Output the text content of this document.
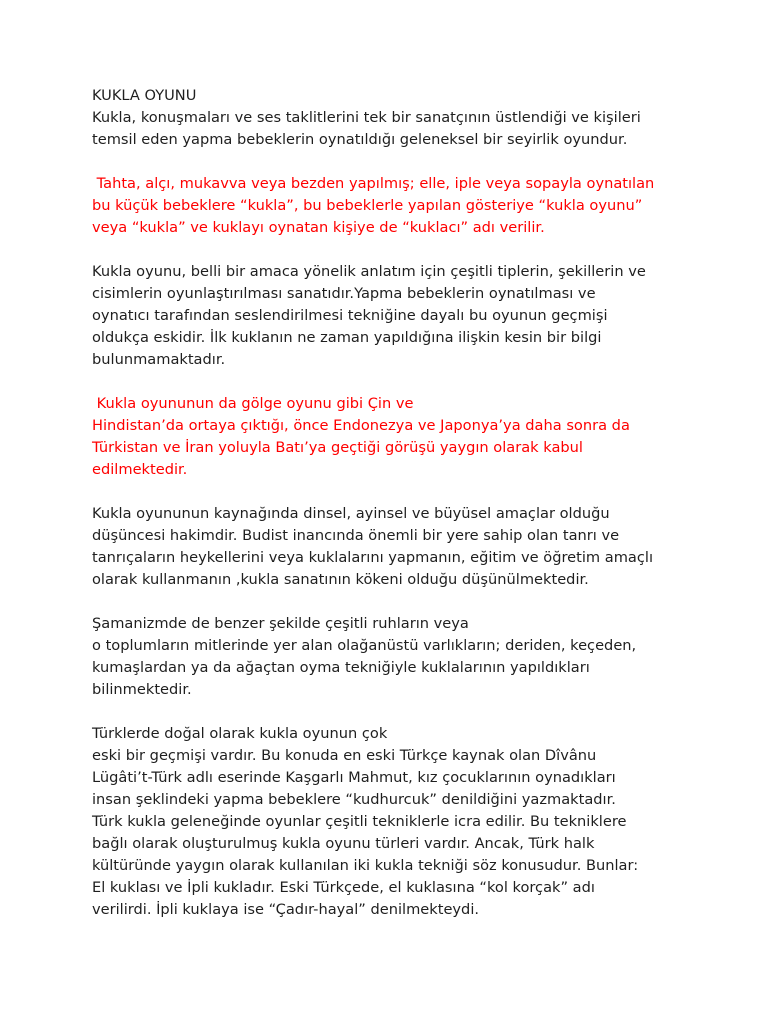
KUKLA OYUNU
Kukla, konuşmaları ve ses taklitlerini tek bir sanatçının üstlendiği ve kişileri
temsil eden yapma bebeklerin oynatıldığı geleneksel bir seyirlik oyundur.
Tahta, alçı, mukavva veya bezden yapılmış; elle, iple veya sopayla oynatılan
bu küçük bebeklere “kukla”, bu bebeklerle yapılan gösteriye “kukla oyunu”
veya “kukla” ve kuklayı oynatan kişiye de “kuklacı” adı verilir.
Kukla oyunu, belli bir amaca yönelik anlatım için çeşitli tiplerin, şekillerin ve
cisimlerin oyunlaştırılması sanatıdır.Yapma bebeklerin oynatılması ve
oynatıcı tarafından seslendirilmesi tekniğine dayalı bu oyunun geçmişi
oldukça eskidir. İlk kuklanın ne zaman yapıldığına ilişkin kesin bir bilgi
bulunmamaktadır.
Kukla oyununun da gölge oyunu gibi Çin ve
Hindistan’da ortaya çıktığı, önce Endonezya ve Japonya’ya daha sonra da
Türkistan ve İran yoluyla Batı’ya geçtiği görüşü yaygın olarak kabul
edilmektedir.
Kukla oyununun kaynağında dinsel, ayinsel ve büyüsel amaçlar olduğu
düşüncesi hakimdir. Budist inancında önemli bir yere sahip olan tanrı ve
tanrıçaların heykellerini veya kuklalarını yapmanın, eğitim ve öğretim amaçlı
olarak kullanmanın ,kukla sanatının kökeni olduğu düşünülmektedir.
Şamanizmde de benzer şekilde çeşitli ruhların veya
o toplumların mitlerinde yer alan olağanüstü varlıkların; deriden, keçeden,
kumaşlardan ya da ağaçtan oyma tekniğiyle kuklalarının yapıldıkları
bilinmektedir.
Türklerde doğal olarak kukla oyunun çok
eski bir geçmişi vardır. Bu konuda en eski Türkçe kaynak olan Dîvânu
Lügâti’t-Türk adlı eserinde Kaşgarlı Mahmut, kız çocuklarının oynadıkları
insan şeklindeki yapma bebeklere “kudhurcuk” denildiğini yazmaktadır.
Türk kukla geleneğinde oyunlar çeşitli tekniklerle icra edilir. Bu tekniklere
bağlı olarak oluşturulmuş kukla oyunu türleri vardır. Ancak, Türk halk
kültüründe yaygın olarak kullanılan iki kukla tekniği söz konusudur. Bunlar:
El kuklası ve İpli kukladır. Eski Türkçede, el kuklasına “kol korçak” adı
verilirdi. İpli kuklaya ise “Çadır-hayal” denilmekteydi.
